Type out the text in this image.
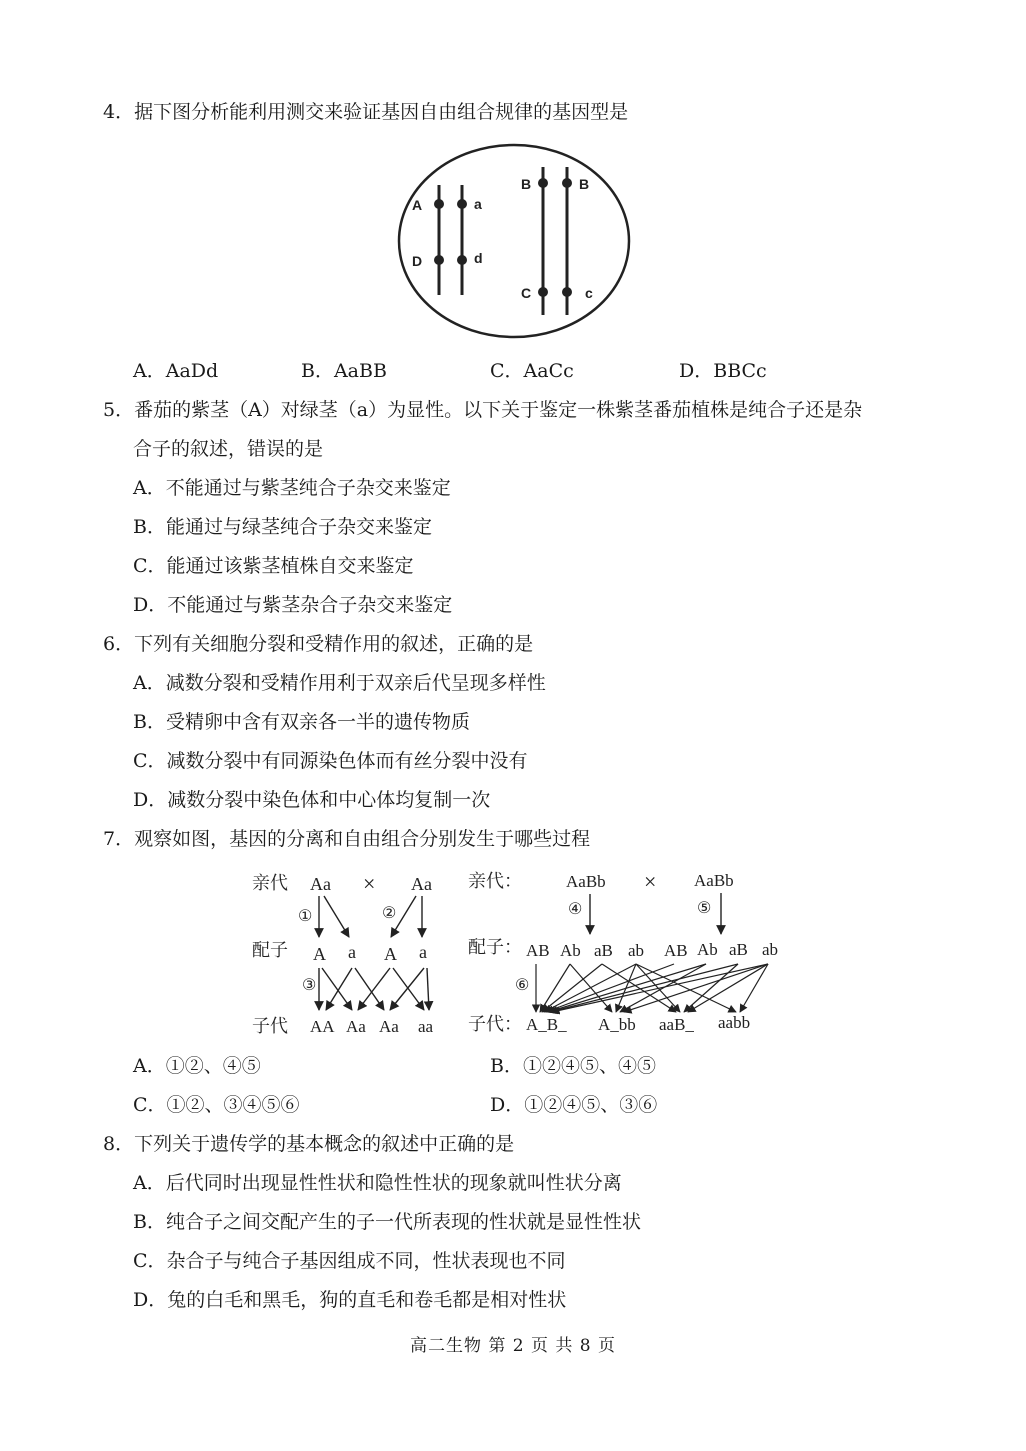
4．据下图分析能利用测交来验证基因自由组合规律的基因型是
A	a
D	d
B	B
C	c
A．AaDd	B．AaBB	C．AaCc	D．BBCc
5．番茄的紫茎（A）对绿茎（a）为显性。以下关于鉴定一株紫茎番茄植株是纯合子还是杂
合子的叙述，错误的是
A．不能通过与紫茎纯合子杂交来鉴定
B．能通过与绿茎纯合子杂交来鉴定
C．能通过该紫茎植株自交来鉴定
D．不能通过与紫茎杂合子杂交来鉴定
6．下列有关细胞分裂和受精作用的叙述，正确的是
A．减数分裂和受精作用利于双亲后代呈现多样性
B．受精卵中含有双亲各一半的遗传物质
C．减数分裂中有同源染色体而有丝分裂中没有
D．减数分裂中染色体和中心体均复制一次
7．观察如图，基因的分离和自由组合分别发生于哪些过程
亲代 Aa × Aa
①	②
配子 A a A a
③
子代 AA Aa Aa aa
亲代：	AaBb × AaBb
④	⑤
配子： AB Ab aB ab AB Ab aB ab
⑥
子代： A_B_ A_bb aaB_ aabb
A．①②、④⑤	B．①②④⑤、④⑤
C．①②、③④⑤⑥	D．①②④⑤、③⑥
8．下列关于遗传学的基本概念的叙述中正确的是
A．后代同时出现显性性状和隐性性状的现象就叫性状分离
B．纯合子之间交配产生的子一代所表现的性状就是显性性状
C．杂合子与纯合子基因组成不同，性状表现也不同
D．兔的白毛和黑毛，狗的直毛和卷毛都是相对性状
高二生物 第 2 页 共 8 页
